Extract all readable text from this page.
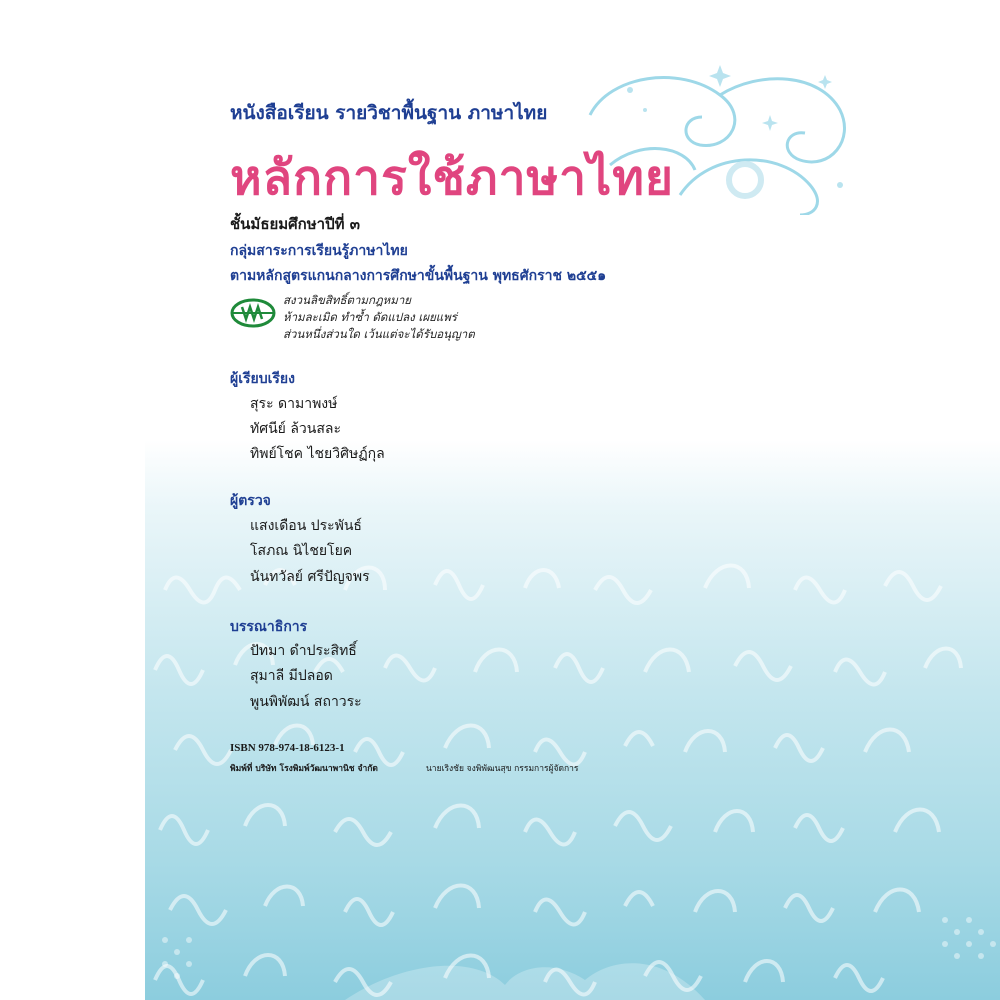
หนังสือเรียน รายวิชาพื้นฐาน ภาษาไทย
หลักการใช้ภาษาไทย
ชั้นมัธยมศึกษาปีที่ ๓
กลุ่มสาระการเรียนรู้ภาษาไทย
ตามหลักสูตรแกนกลางการศึกษาขั้นพื้นฐาน พุทธศักราช ๒๕๕๑
สงวนลิขสิทธิ์ตามกฎหมาย
ห้ามละเมิด ทำซ้ำ ดัดแปลง เผยแพร่
ส่วนหนึ่งส่วนใด เว้นแต่จะได้รับอนุญาต
ผู้เรียบเรียง
สุระ ดามาพงษ์
ทัศนีย์ ล้วนสละ
ทิพย์โชค ไชยวิศิษฏ์กุล
ผู้ตรวจ
แสงเดือน ประพันธ์
โสภณ นิไชยโยค
นันทวัลย์ ศรีปัญจพร
บรรณาธิการ
ปัทมา ดำประสิทธิ์
สุมาลี มีปลอด
พูนพิพัฒน์ สถาวระ
ISBN 978-974-18-6123-1
พิมพ์ที่ บริษัท โรงพิมพ์วัฒนาพานิช จำกัด	นายเริงชัย จงพิพัฒนสุข กรรมการผู้จัดการ
